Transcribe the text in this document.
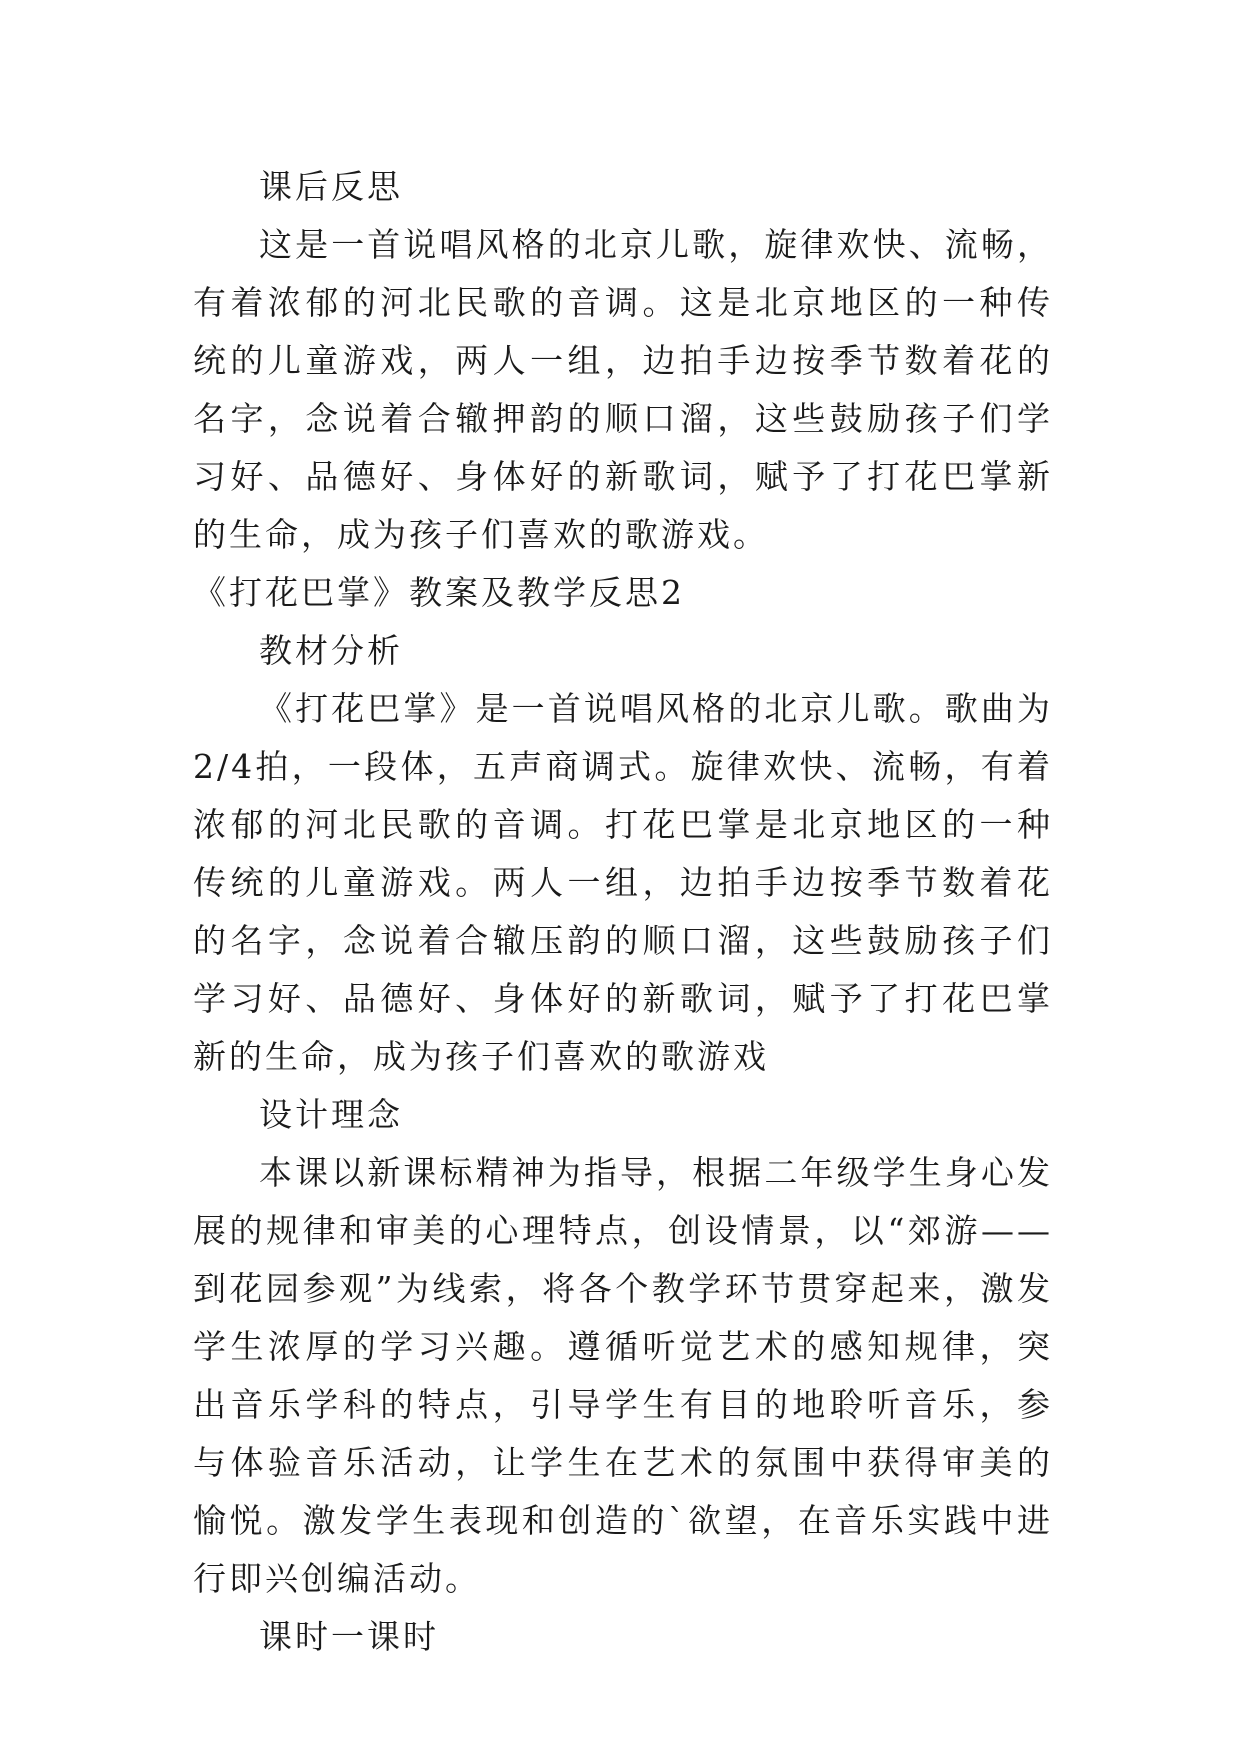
课后反思

这是一首说唱风格的北京儿歌，旋律欢快、流畅，有着浓郁的河北民歌的音调。这是北京地区的一种传统的儿童游戏，两人一组，边拍手边按季节数着花的名字，念说着合辙押韵的顺口溜，这些鼓励孩子们学习好、品德好、身体好的新歌词，赋予了打花巴掌新的生命，成为孩子们喜欢的歌游戏。

《打花巴掌》教案及教学反思2

教材分析

《打花巴掌》是一首说唱风格的北京儿歌。歌曲为2/4拍，一段体，五声商调式。旋律欢快、流畅，有着浓郁的河北民歌的音调。打花巴掌是北京地区的一种传统的儿童游戏。两人一组，边拍手边按季节数着花的名字，念说着合辙压韵的顺口溜，这些鼓励孩子们学习好、品德好、身体好的新歌词，赋予了打花巴掌新的生命，成为孩子们喜欢的歌游戏

设计理念

本课以新课标精神为指导，根据二年级学生身心发展的规律和审美的心理特点，创设情景，以“郊游——到花园参观”为线索，将各个教学环节贯穿起来，激发学生浓厚的学习兴趣。遵循听觉艺术的感知规律，突出音乐学科的特点，引导学生有目的地聆听音乐，参与体验音乐活动，让学生在艺术的氛围中获得审美的愉悦。激发学生表现和创造的`欲望，在音乐实践中进行即兴创编活动。

课时一课时
